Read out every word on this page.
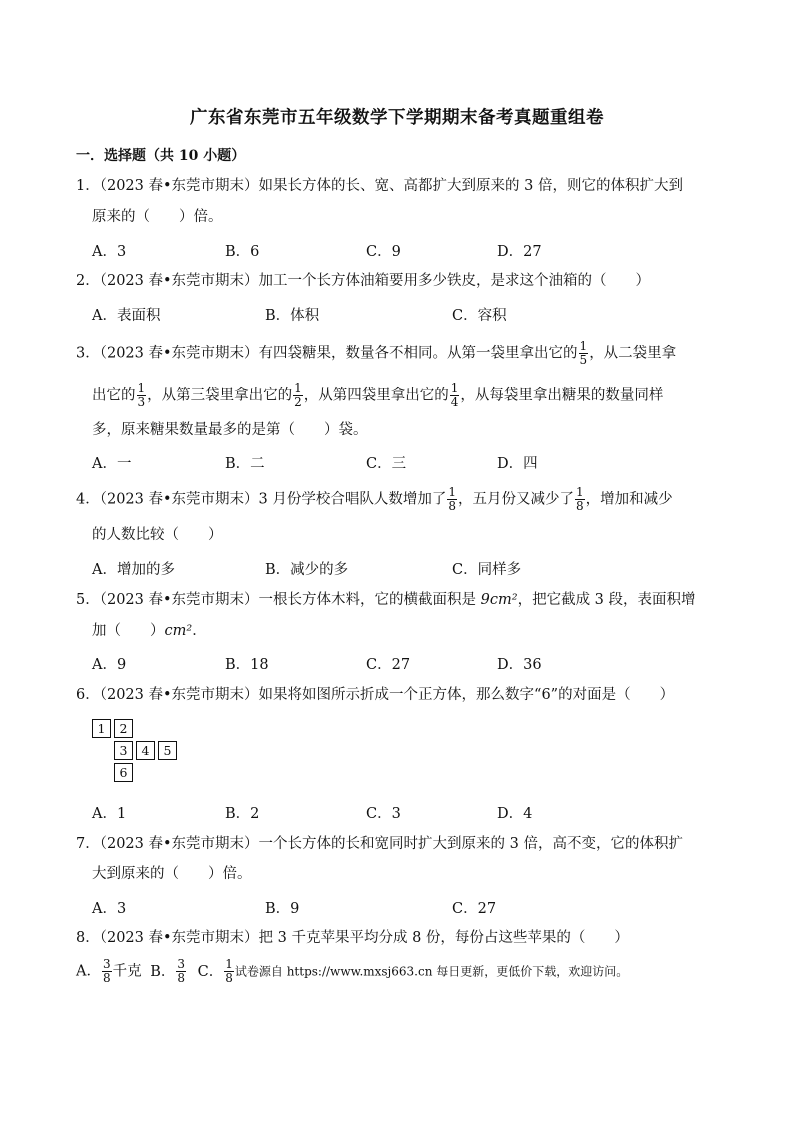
广东省东莞市五年级数学下学期期末备考真题重组卷
一．选择题（共 10 小题）
1．（2023 春•东莞市期末）如果长方体的长、宽、高都扩大到原来的 3 倍，则它的体积扩大到
原来的（　　）倍。
A．3	B．6	C．9	D．27
2．（2023 春•东莞市期末）加工一个长方体油箱要用多少铁皮，是求这个油箱的（　　）
A．表面积	B．体积	C．容积
3．（2023 春•东莞市期末）有四袋糖果，数量各不相同。从第一袋里拿出它的 $\frac{1}{5}$ ，从二袋里拿
出它的 $\frac{1}{3}$ ，从第三袋里拿出它的 $\frac{1}{2}$ ，从第四袋里拿出它的 $\frac{1}{4}$ ，从每袋里拿出糖果的数量同样
多，原来糖果数量最多的是第（　　）袋。
A．一	B．二	C．三	D．四
4．（2023 春•东莞市期末）3 月份学校合唱队人数增加了 $\frac{1}{8}$ ，五月份又减少了 $\frac{1}{8}$ ，增加和减少
的人数比较（　　）
A．增加的多	B．减少的多	C．同样多
5．（2023 春•东莞市期末）一根长方体木料，它的横截面积是 9cm²，把它截成 3 段，表面积增
加（　　）cm²．
A．9	B．18	C．27	D．36
6．（2023 春•东莞市期末）如果将如图所示折成一个正方体，那么数字“6”的对面是（　　）
1	2
3	4	5
6
A．1	B．2	C．3	D．4
7．（2023 春•东莞市期末）一个长方体的长和宽同时扩大到原来的 3 倍，高不变，它的体积扩
大到原来的（　　）倍。
A．3	B．9	C．27
8．（2023 春•东莞市期末）把 3 千克苹果平均分成 8 份，每份占这些苹果的（　　）
A． $\frac{3}{8}$ 千克 B． $\frac{3}{8}$ C． $\frac{1}{8}$ 试卷源自 https://www.mxsj663.cn 每日更新，更低价下载，欢迎访问。
